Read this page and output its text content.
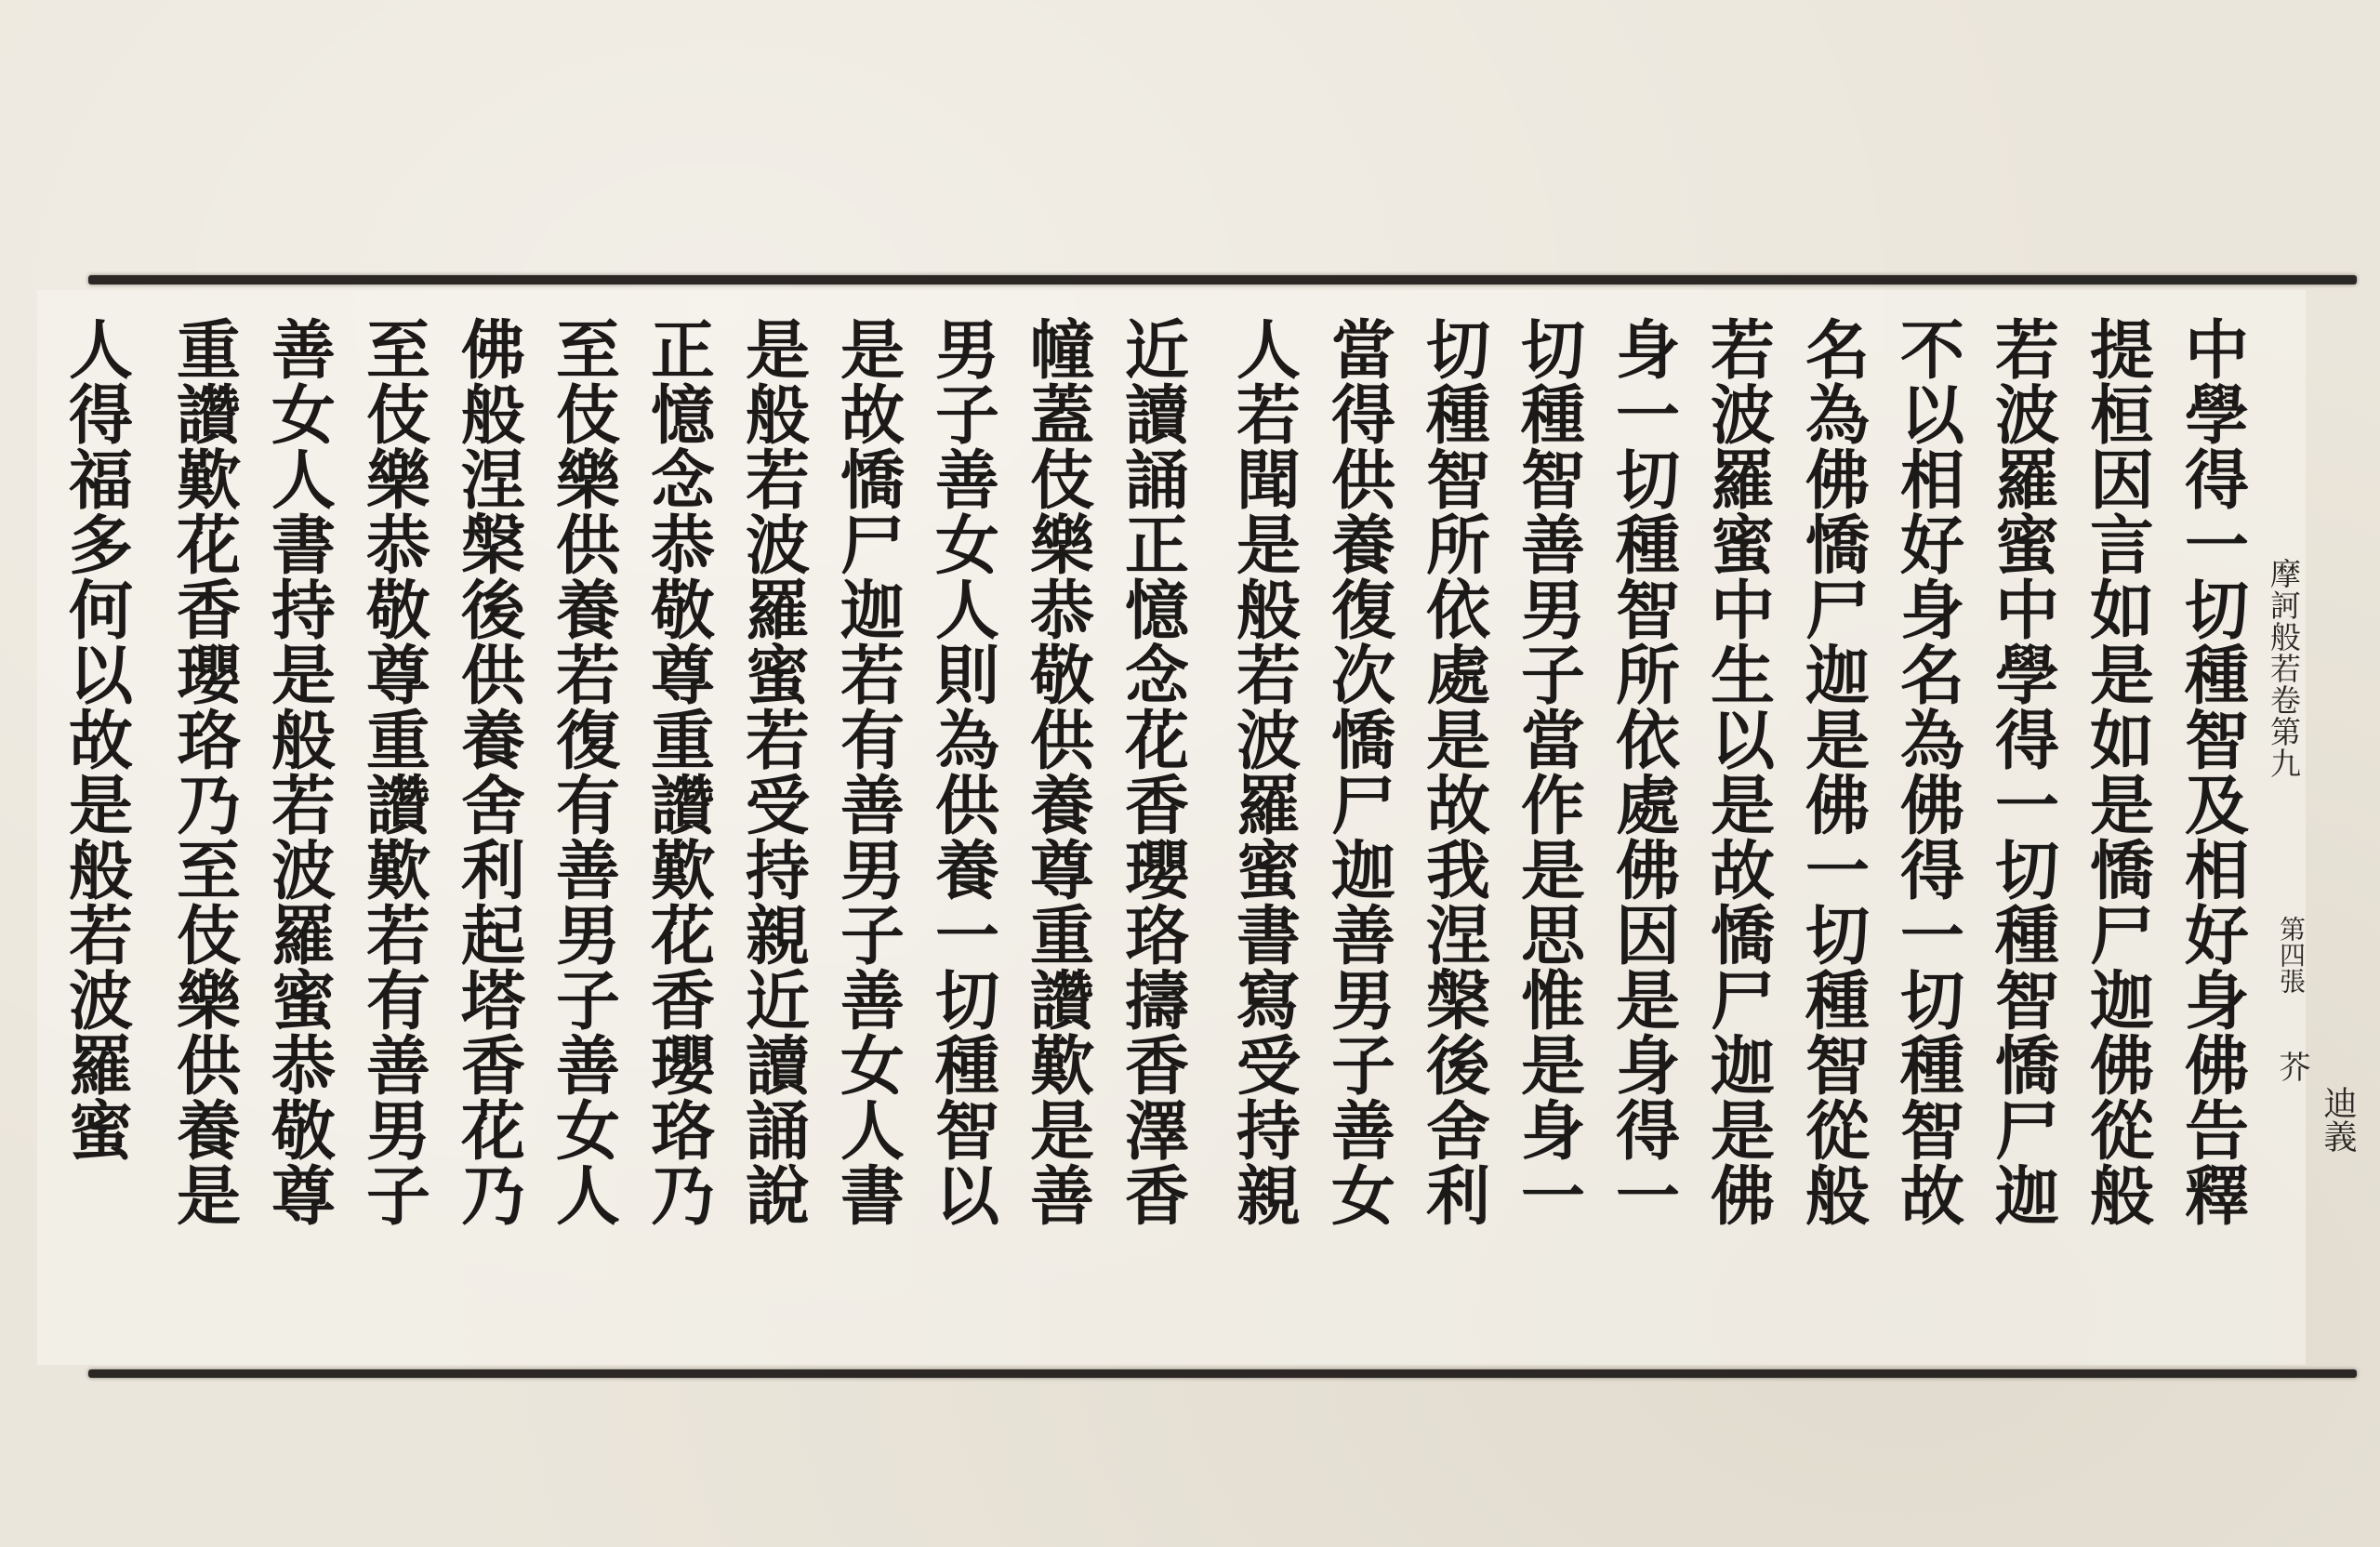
摩訶般若卷第九
第四張
芥
迪義
中學得一切種智及相好身佛告釋
提桓因言如是如是憍尸迦佛從般
若波羅蜜中學得一切種智憍尸迦
不以相好身名為佛得一切種智故
名為佛憍尸迦是佛一切種智從般
若波羅蜜中生以是故憍尸迦是佛
身一切種智所依處佛因是身得一
切種智善男子當作是思惟是身一
切種智所依處是故我涅槃後舍利
當得供養復次憍尸迦善男子善女
人若聞是般若波羅蜜書寫受持親
近讀誦正憶念花香瓔珞擣香澤香
幢蓋伎樂恭敬供養尊重讚歎是善
男子善女人則為供養一切種智以
是故憍尸迦若有善男子善女人書
是般若波羅蜜若受持親近讀誦說
正憶念恭敬尊重讚歎花香瓔珞乃
至伎樂供養若復有善男子善女人
佛般涅槃後供養舍利起塔香花乃
至伎樂恭敬尊重讚歎若有善男子
善女人書持是般若波羅蜜恭敬尊
重讚歎花香瓔珞乃至伎樂供養是
人得福多何以故是般若波羅蜜
